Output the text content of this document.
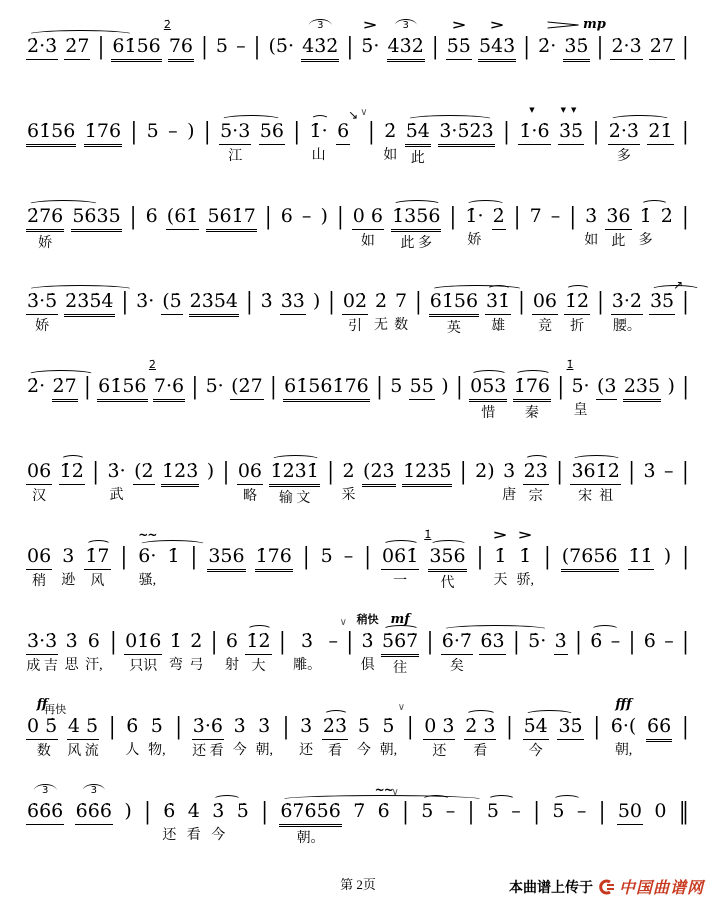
2̇·3̇ 2̇7 | 61̇56
2̇
76 | 5 – | (5̇·
3
4̇3̇2̇ |
>
5̇·
3
4̇3̇2̇ |
>
5̇5̇
>
5̇4̇3̇ | 2̇·
mp
3̇5̇ | 2̇·3̇ 2̇7 |
61̇56 1̇76 | 5 – ) | 5·3
江
56 | 1̇·
山
↘
6
∨
| 2̇
如
5̇4̇
此
3̇·5̇2̇3̇ |
▼
1̇·6̇
▼▼
3̇5̇ | 2̇·3̇
多
2̇1̇ |
2̇76
娇
5635 | 6 (61̇ 561̇7 | 6 – ) | 0 6
如
1̇356
此 多
| 1̇·
娇
2̇ | 7 – | 3̇
如
3̇6
此
1̇
多
2̇ |
3̇·5̇
娇
2̇3̇5̇4̇ | 3̇· (5̇ 2̇3̇5̇4̇ | 3̇ 3̇3̇ ) | 02̇
引
2̇
无
7
数
| 61̇56
英
3̇1̇
雄
| 06
竞
1̇2̇
折
| 3̇·2̇
腰。
↗
3̇5̇ |
2̇· 2̇7 | 61̇56
2̇
7·6 | 5· (2̇7 | 61̇561̇76 | 5 55 ) | 053
惜
1̇76
秦
|
1̇
5·
皇
(3 235 ) |
06
汉
1̇2̇ | 3̇·
武
(2̇ 1̇2̇3̇ ) | 06
略
1̇2̇3̇1̇
输 文
| 2̇
采
(2̇3̇ 1̇2̇3̇5̇ | 2̇) 3̇
唐
2̇3̇
宗
| 3̇61̇2̇
宋  祖
| 3̇ – |
06
稍
3
逊
1̇7
风
|
~~
6·
骚,
1̇ | 356 1̇76 | 5 – | 061̇
一
1̇
356
代
|
>
1̇
天
>
1̇
骄,
| (7656 1̇1̇ ) |
3̇·3̇
成 吉
3̇
思
6
汗,
| 01̇6
只识
1̇
弯
2̇
弓
| 6
射
1̇2̇
大
| 3̇
雕。
∨
– |
稍快
3̇
俱
mf
5̇6̇7̇
往
| 6̇·7̇
矣
6̇3̇ | 5̇· 3̇ | 6̇ – | 6̇ – |
ff
再快
0 5̇
数
4̇ 5̇
风 流
| 6̇
人
5̇
物,
| 3̇·6̇
还 看
3̇
今
3̇
朝,
| 3̇
还
2̇3̇
看
5̇
今
∨
5̇
朝,
| 0 3̇
还
2̇ 3̇
看
| 5̇4̇
今
3̇5̇ |
fff
6̇·(
朝,
6̇6̇ |
3
6̇6̇6̇
3
6̇6̇6̇ ) | 6̇
还
4̇
看
3̇
今
5̇ | 6̇7̇6̇5̇6̇
朝。
7̇
~~
∨
6̇ | 5 – | 5 – | 5 – | 50 0 ‖
第 2页	本曲谱上传于 中国曲谱网
